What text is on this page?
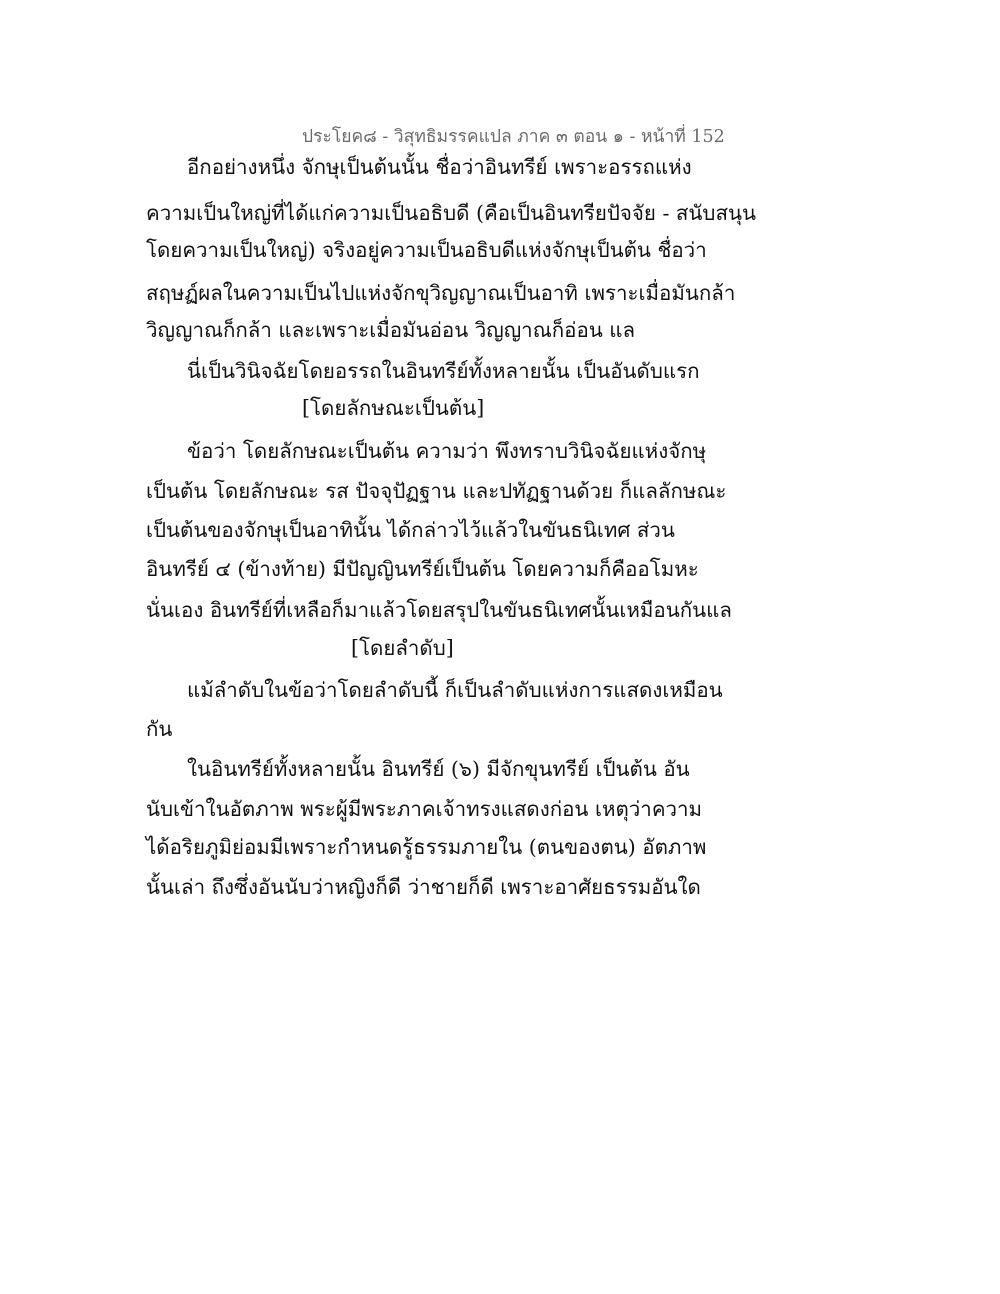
ประโยค๘ - วิสุทธิมรรคแปล ภาค ๓ ตอน ๑ - หน้าที่ 152
อีกอย่างหนึ่ง จักษุเป็นต้นนั้น ชื่อว่าอินทรีย์ เพราะอรรถแห่ง
ความเป็นใหญ่ที่ได้แก่ความเป็นอธิบดี (คือเป็นอินทรียปัจจัย - สนับสนุน
โดยความเป็นใหญ่) จริงอยู่ความเป็นอธิบดีแห่งจักษุเป็นต้น ชื่อว่า
สฤษฏ์ผลในความเป็นไปแห่งจักขุวิญญาณเป็นอาทิ เพราะเมื่อมันกล้า
วิญญาณก็กล้า และเพราะเมื่อมันอ่อน วิญญาณก็อ่อน แล
นี่เป็นวินิจฉัยโดยอรรถในอินทรีย์ทั้งหลายนั้น เป็นอันดับแรก
[โดยลักษณะเป็นต้น]
ข้อว่า โดยลักษณะเป็นต้น ความว่า พึงทราบวินิจฉัยแห่งจักษุ
เป็นต้น โดยลักษณะ รส ปัจจุปัฏฐาน และปทัฏฐานด้วย ก็แลลักษณะ
เป็นต้นของจักษุเป็นอาทินั้น ได้กล่าวไว้แล้วในขันธนิเทศ ส่วน
อินทรีย์ ๔ (ข้างท้าย) มีปัญญินทรีย์เป็นต้น โดยความก็คืออโมหะ
นั่นเอง อินทรีย์ที่เหลือก็มาแล้วโดยสรุปในขันธนิเทศนั้นเหมือนกันแล
[โดยลำดับ]
แม้ลำดับในข้อว่าโดยลำดับนี้ ก็เป็นลำดับแห่งการแสดงเหมือน
กัน
ในอินทรีย์ทั้งหลายนั้น อินทรีย์ (๖) มีจักขุนทรีย์ เป็นต้น อัน
นับเข้าในอัตภาพ พระผู้มีพระภาคเจ้าทรงแสดงก่อน เหตุว่าความ
ได้อริยภูมิย่อมมีเพราะกำหนดรู้ธรรมภายใน (ตนของตน) อัตภาพ
นั้นเล่า ถึงซึ่งอันนับว่าหญิงก็ดี ว่าชายก็ดี เพราะอาศัยธรรมอันใด
